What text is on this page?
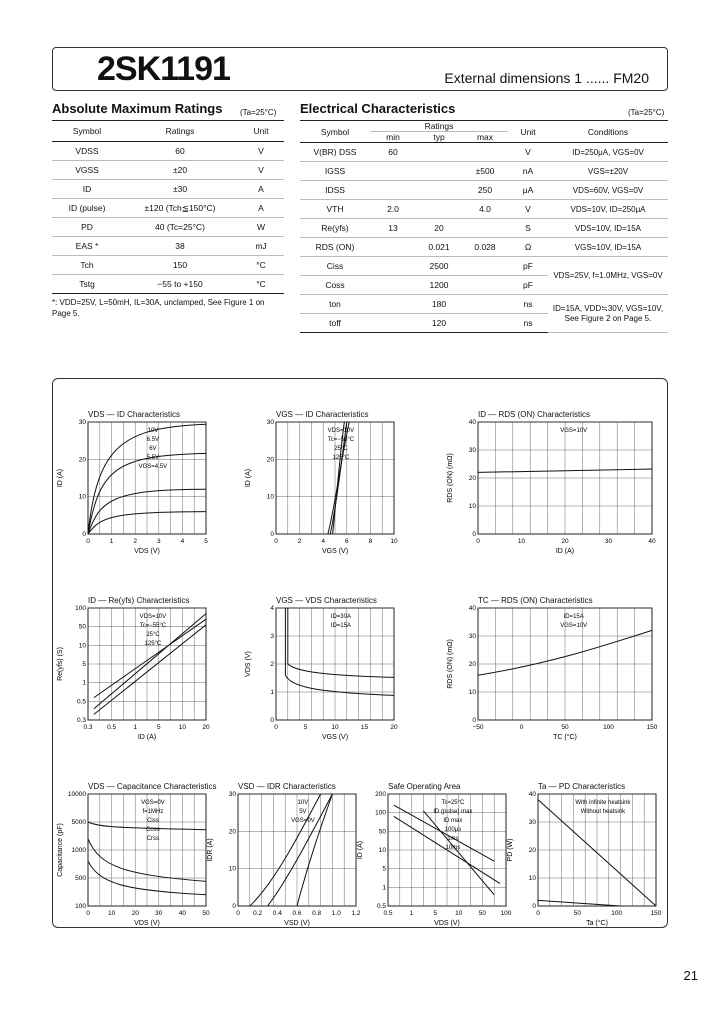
2SK1191	External dimensions 1 ...... FM20
Absolute Maximum Ratings (Ta=25°C)
Symbol	Ratings	Unit
VDSS	60	V
VGSS	±20	V
ID	±30	A
ID (pulse)	±120 (Tch≦150°C)	A
PD	40 (Tc=25°C)	W
EAS *	38	mJ
Tch	150	°C
Tstg	−55 to +150	°C
*: VDD=25V, L=50mH, IL=30A, unclamped, See Figure 1 on Page 5.
Electrical Characteristics	(Ta=25°C)
Symbol	Ratings			Unit	Conditions
	min	typ	max		
V(BR) DSS	60			V	ID=250μA, VGS=0V
IGSS			±500	nA	VGS=±20V
IDSS			250	μA	VDS=60V, VGS=0V
VTH	2.0		4.0	V	VDS=10V, ID=250μA
Re(yfs)	13	20		S	VDS=10V, ID=15A
RDS (ON)		0.021	0.028	Ω	VGS=10V, ID=15A
Ciss		2500		pF	VDS=25V, f=1.0MHz, VGS=0V
Coss		1200		pF	
ton		180		ns	ID=15A, VDD≒30V, VGS=10V, See Figure 2 on Page 5.
toff		120		ns	
VDS — ID Characteristics
0	1	2	3	4	5
0
10
20
30
VDS (V)
ID (A)
10V
6.5V
6V
5.5V
VGS=4.5V
VGS — ID Characteristics
0	2	4	6	8	10
0
10
20
30
VGS (V)
ID (A)
VDS=10V
Tc=−55°C
25°C
125°C
ID — RDS (ON) Characteristics
0	10	20	30	40
0
10
20
30
40
ID (A)
RDS (ON) (mΩ)
VGS=10V
ID — Re(yfs) Characteristics
0.3 0.5	1	5	10	20
0.3
0.5
1
5
10
50
100
ID (A)
Re(yfs) (S)
VDS=10V
Tc=−55°C
25°C
125°C
VGS — VDS Characteristics
0	5	10	15	20
0
1
2
3
4
VGS (V)
VDS (V)
ID=30A
ID=15A
TC — RDS (ON) Characteristics
−50	0	50	100	150
0
10
20
30
40
TC (°C)
RDS (ON) (mΩ)
ID=15A
VGS=10V
VDS — Capacitance Characteristics
0	10	20	30	40	50
100
500
1000
5000
10000
VDS (V)
Capacitance (pF)
VGS=0V
f=1MHz
Ciss
Coss
Crss
VSD — IDR Characteristics
0 0.2 0.4 0.6 0.8 1.0 1.2
0
10
20
30
VSD (V)
IDR (A)
10V
5V
VGS=0V
Safe Operating Area
0.5	1	5	10	50 100
0.5
1
5
10
50
100
200
VDS (V)
ID (A)
Tc=25°C
ID (pulse) max
ID max
100μs
1ms
10ms
Ta — PD Characteristics
0	50	100	150
0
10
20
30
40
Ta (°C)
PD (W)
With infinite heatsink
Without heatsink
21
